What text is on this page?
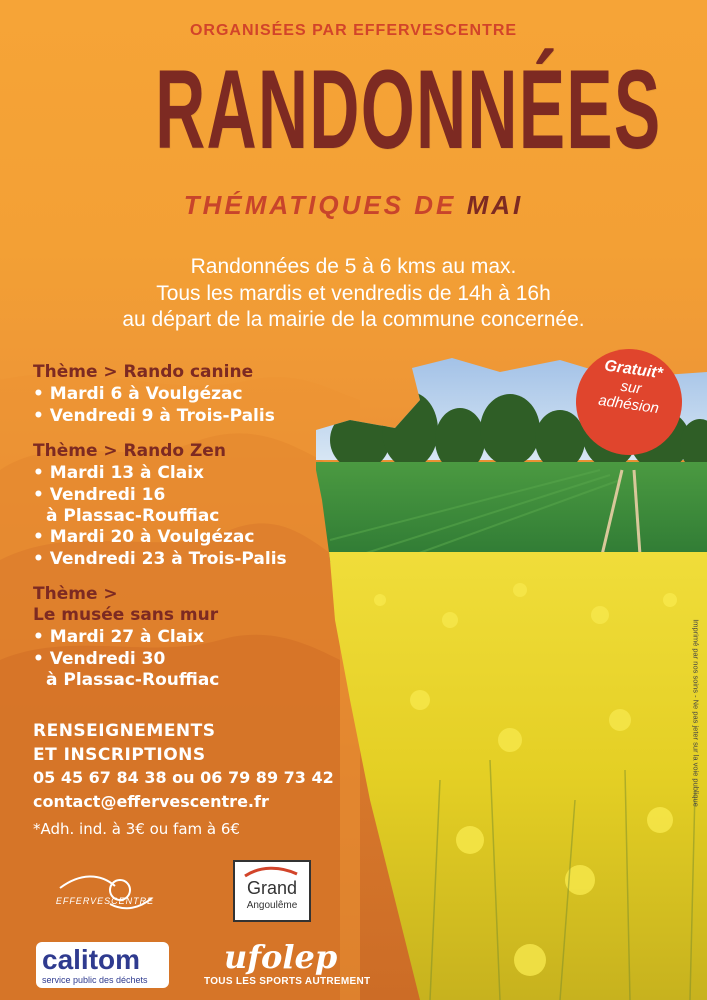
ORGANISÉES PAR EFFERVESCENTRE
RANDONNÉES
THÉMATIQUES DE MAI
Randonnées de 5 à 6 kms au max.
Tous les mardis et vendredis de 14h à 16h
au départ de la mairie de la commune concernée.
Thème > Rando canine
• Mardi 6 à Voulgézac
• Vendredi 9 à Trois-Palis
Thème > Rando Zen
• Mardi 13 à Claix
• Vendredi 16
à Plassac-Rouffiac
• Mardi 20 à Voulgézac
• Vendredi 23 à Trois-Palis
Thème >
Le musée sans mur
• Mardi 27 à Claix
• Vendredi 30
à Plassac-Rouffiac
RENSEIGNEMENTS
ET INSCRIPTIONS
05 45 67 84 38 ou 06 79 89 73 42
contact@effervescentre.fr
*Adh. ind. à 3€ ou fam à 6€
Gratuit*
sur
adhésion
Imprimé par nos soins - Ne pas jeter sur la voie publique
EFFERVESCENTRE
Grand
Angoulême
calitom
service public des déchets
ufolep
TOUS LES SPORTS AUTREMENT
